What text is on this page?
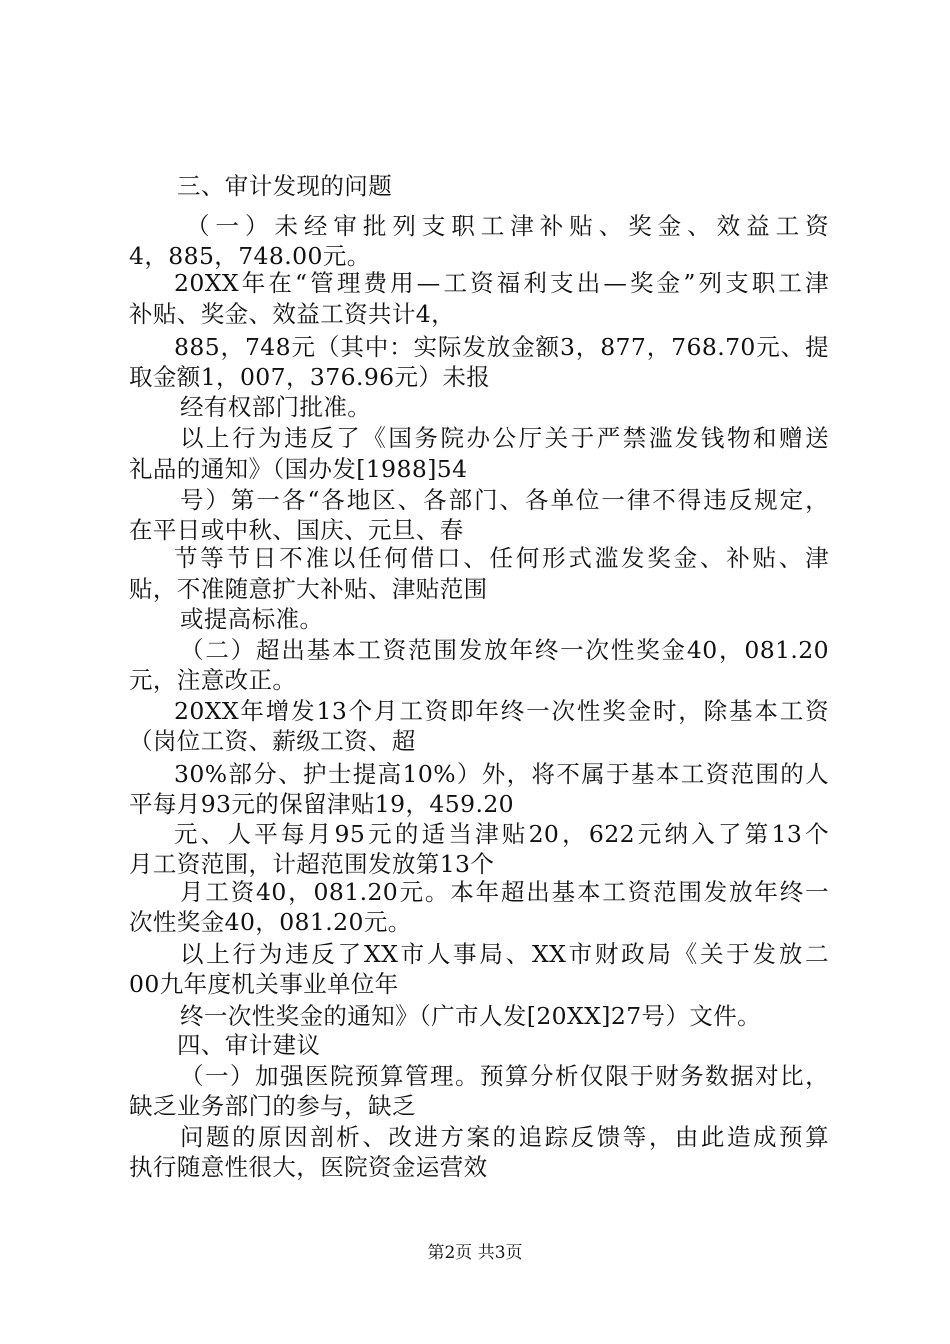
三、审计发现的问题
（一）未经审批列支职工津补贴、奖金、效益工资
4，885，748.00元。
20XX年在“管理费用—工资福利支出—奖金”列支职工津
补贴、奖金、效益工资共计4，
885，748元（其中：实际发放金额3，877，768.70元、提
取金额1，007，376.96元）未报
经有权部门批准。
以上行为违反了《国务院办公厅关于严禁滥发钱物和赠送
礼品的通知》（国办发[1988]54
号）第一各“各地区、各部门、各单位一律不得违反规定，
在平日或中秋、国庆、元旦、春
节等节日不准以任何借口、任何形式滥发奖金、补贴、津
贴，不准随意扩大补贴、津贴范围
或提高标准。
（二）超出基本工资范围发放年终一次性奖金40，081.20
元，注意改正。
20XX年增发13个月工资即年终一次性奖金时，除基本工资
（岗位工资、薪级工资、超
30%部分、护士提高10%）外，将不属于基本工资范围的人
平每月93元的保留津贴19，459.20
元、人平每月95元的适当津贴20，622元纳入了第13个
月工资范围，计超范围发放第13个
月工资40，081.20元。本年超出基本工资范围发放年终一
次性奖金40，081.20元。
以上行为违反了XX市人事局、XX市财政局《关于发放二
00九年度机关事业单位年
终一次性奖金的通知》（广市人发[20XX]27号）文件。
四、审计建议
（一）加强医院预算管理。预算分析仅限于财务数据对比，
缺乏业务部门的参与，缺乏
问题的原因剖析、改进方案的追踪反馈等，由此造成预算
执行随意性很大，医院资金运营效
第2页 共3页
